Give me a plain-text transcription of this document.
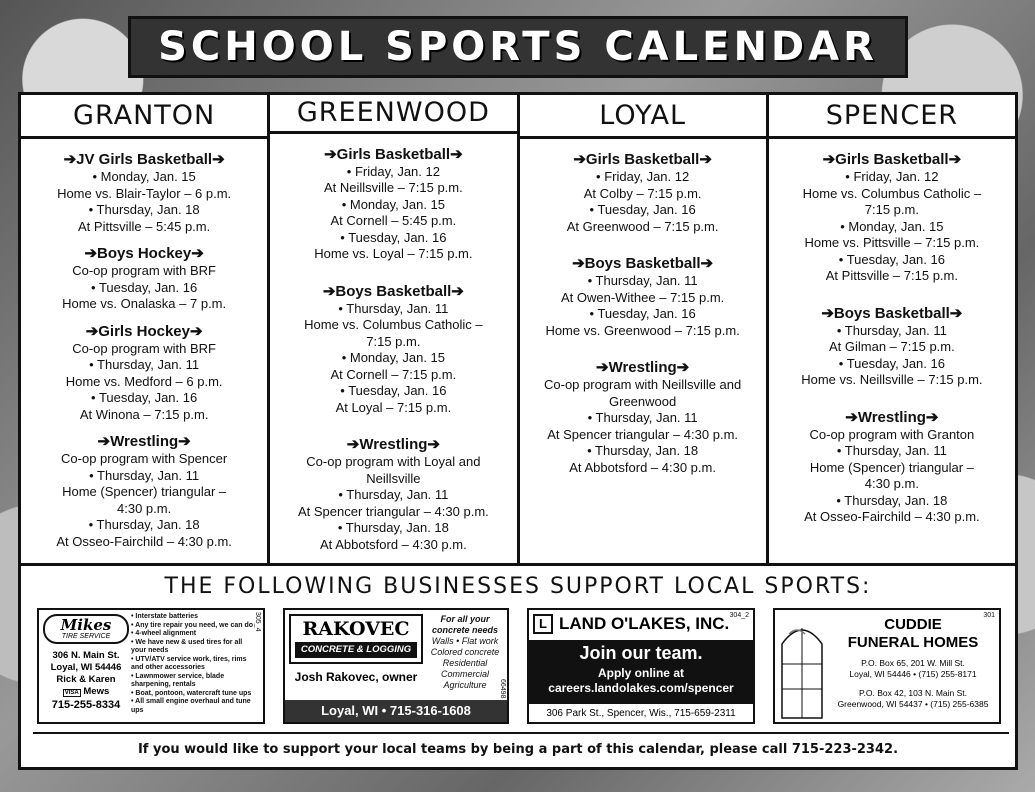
SCHOOL SPORTS CALENDAR
GRANTON
➔JV Girls Basketball➔
• Monday, Jan. 15
Home vs. Blair-Taylor – 6 p.m.
• Thursday, Jan. 18
At Pittsville – 5:45 p.m.
➔Boys Hockey➔
Co-op program with BRF
• Tuesday, Jan. 16
Home vs. Onalaska – 7 p.m.
➔Girls Hockey➔
Co-op program with BRF
• Thursday, Jan. 11
Home vs. Medford – 6 p.m.
• Tuesday, Jan. 16
At Winona – 7:15 p.m.
➔Wrestling➔
Co-op program with Spencer
• Thursday, Jan. 11
Home (Spencer) triangular –
4:30 p.m.
• Thursday, Jan. 18
At Osseo-Fairchild – 4:30 p.m.
GREENWOOD
➔Girls Basketball➔
• Friday, Jan. 12
At Neillsville – 7:15 p.m.
• Monday, Jan. 15
At Cornell – 5:45 p.m.
• Tuesday, Jan. 16
Home vs. Loyal – 7:15 p.m.
➔Boys Basketball➔
• Thursday, Jan. 11
Home vs. Columbus Catholic –
7:15 p.m.
• Monday, Jan. 15
At Cornell – 7:15 p.m.
• Tuesday, Jan. 16
At Loyal – 7:15 p.m.
➔Wrestling➔
Co-op program with Loyal and
Neillsville
• Thursday, Jan. 11
At Spencer triangular – 4:30 p.m.
• Thursday, Jan. 18
At Abbotsford – 4:30 p.m.
LOYAL
➔Girls Basketball➔
• Friday, Jan. 12
At Colby – 7:15 p.m.
• Tuesday, Jan. 16
At Greenwood – 7:15 p.m.
➔Boys Basketball➔
• Thursday, Jan. 11
At Owen-Withee – 7:15 p.m.
• Tuesday, Jan. 16
Home vs. Greenwood – 7:15 p.m.
➔Wrestling➔
Co-op program with Neillsville and
Greenwood
• Thursday, Jan. 11
At Spencer triangular – 4:30 p.m.
• Thursday, Jan. 18
At Abbotsford – 4:30 p.m.
SPENCER
➔Girls Basketball➔
• Friday, Jan. 12
Home vs. Columbus Catholic –
7:15 p.m.
• Monday, Jan. 15
Home vs. Pittsville – 7:15 p.m.
• Tuesday, Jan. 16
At Pittsville – 7:15 p.m.
➔Boys Basketball➔
• Thursday, Jan. 11
At Gilman – 7:15 p.m.
• Tuesday, Jan. 16
Home vs. Neillsville – 7:15 p.m.
➔Wrestling➔
Co-op program with Granton
• Thursday, Jan. 11
Home (Spencer) triangular –
4:30 p.m.
• Thursday, Jan. 18
At Osseo-Fairchild – 4:30 p.m.
THE FOLLOWING BUSINESSES SUPPORT LOCAL SPORTS:
Mikes
TIRE SERVICE
306 N. Main St.
Loyal, WI 54446
Rick & Karen
VISA Mews
715-255-8334
• Interstate batteries
• Any tire repair you need, we can do
• 4-wheel alignment
• We have new & used tires for all your needs
• UTV/ATV service work, tires, rims and other accessories
• Lawnmower service, blade sharpening, rentals
• Boat, pontoon, watercraft tune ups
• All small engine overhaul and tune ups
305_4	RAKOVEC
CONCRETE & LOGGING
Josh Rakovec, owner
For all your
concrete needs
Walls • Flat work
Colored concrete
Residential
Commercial
Agriculture
Loyal, WI • 715-316-1608
66498
L LAND O'LAKES, INC. 304_2
Join our team.
Apply online at
careers.landolakes.com/spencer
306 Park St., Spencer, Wis., 715-659-2311
CUDDIE
FUNERAL HOMES
301
P.O. Box 65, 201 W. Mill St.
Loyal, WI 54446 • (715) 255-8171
P.O. Box 42, 103 N. Main St.
Greenwood, WI 54437 • (715) 255-6385
If you would like to support your local teams by being a part of this calendar, please call 715-223-2342.
